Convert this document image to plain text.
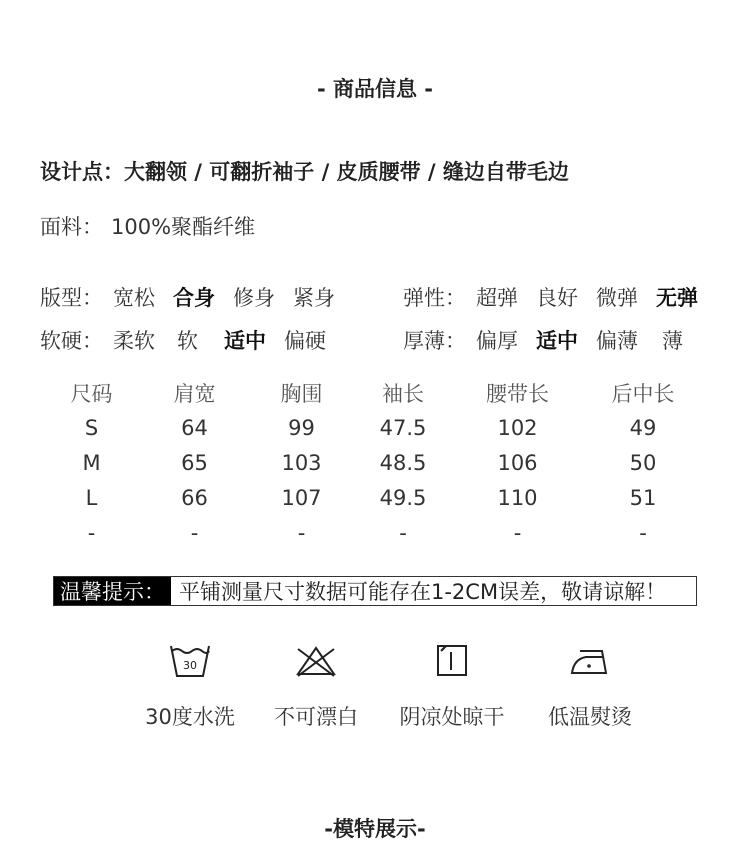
- 商品信息 -
设计点：大翻领 / 可翻折袖子 / 皮质腰带 / 缝边自带毛边
面料： 100%聚酯纤维
版型： 宽松 合身 修身 紧身	弹性： 超弹 良好 微弹 无弹
软硬： 柔软 软 适中 偏硬	厚薄： 偏厚 适中 偏薄 薄
尺码	肩宽	胸围	袖长	腰带长	后中长
S	64	99	47.5	102	49
M	65	103	48.5	106	50
L	66	107	49.5	110	51
-	-	-	-	-	-
温馨提示： 平铺测量尺寸数据可能存在1-2CM误差，敬请谅解！
30
30度水洗	不可漂白	阴凉处晾干	低温熨烫
-模特展示-
